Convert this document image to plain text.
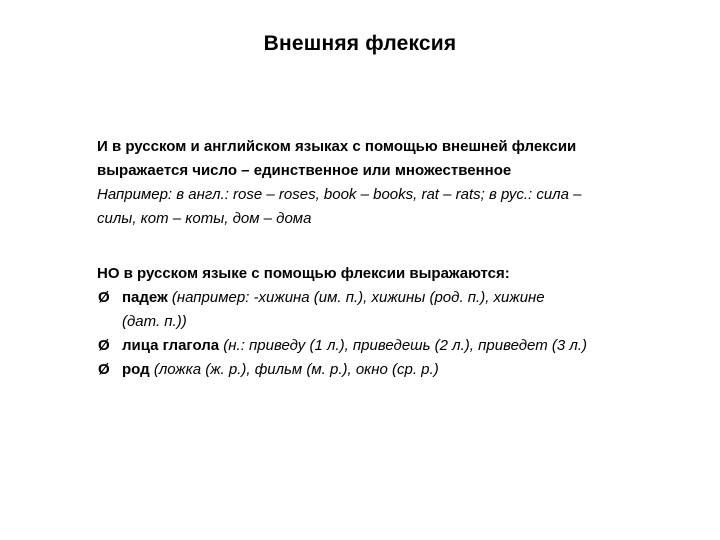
Внешняя флексия
И в русском и английском языках с помощью внешней флексии
выражается число – единственное или множественное
Например: в англ.: rose – roses, book – books, rat – rats; в рус.: сила –
силы, кот – коты, дом – дома
НО в русском языке с помощью флексии выражаются:
Ø падеж (например: -хижина (им. п.), хижины (род. п.), хижине
(дат. п.))
Ø лица глагола (н.: приведу (1 л.), приведешь (2 л.), приведет (3 л.)
Ø род (ложка (ж. р.), фильм (м. р.), окно (ср. р.)
